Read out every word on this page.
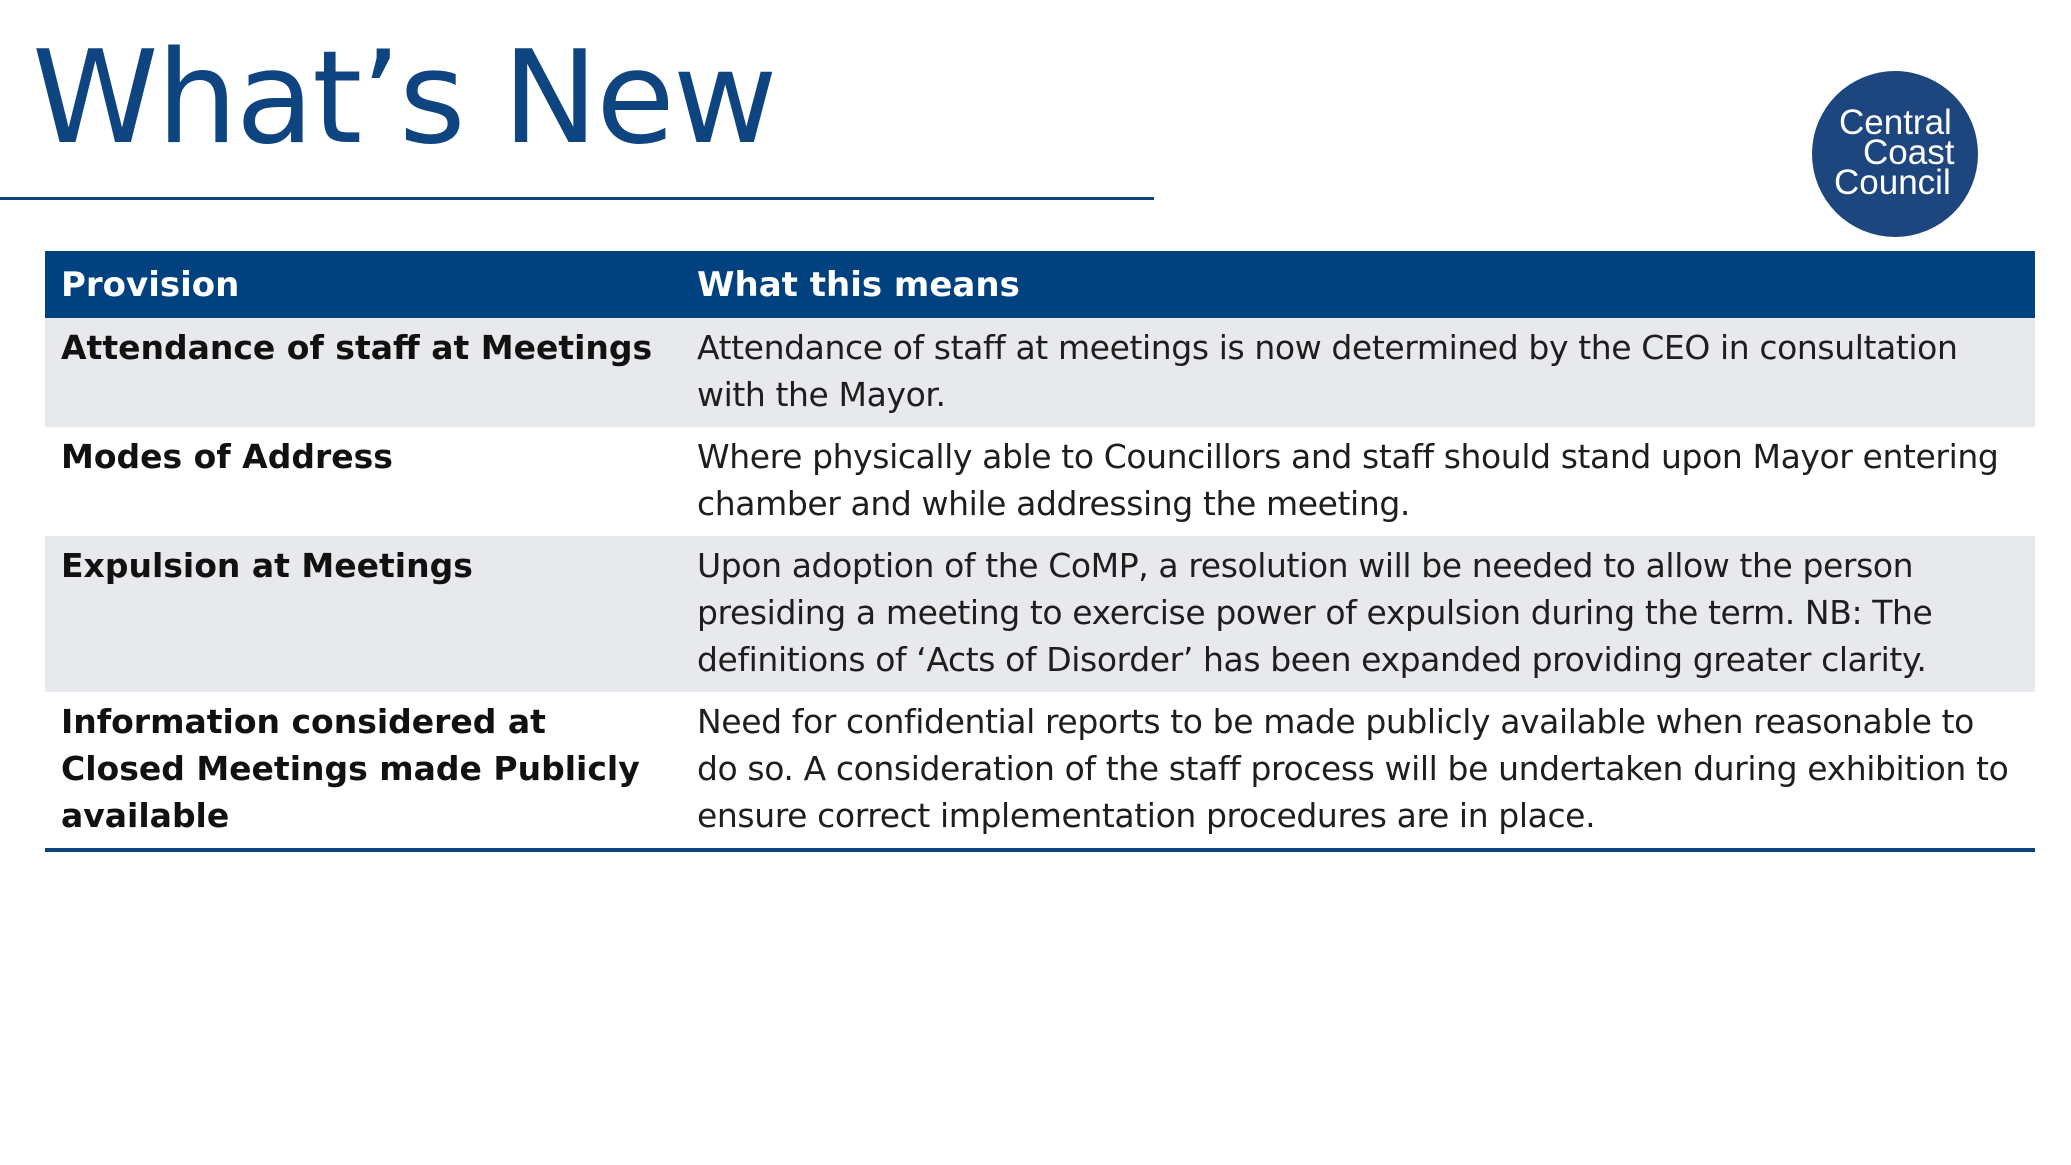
What’s New	Central
Coast
Council
Provision	What this means
Attendance of staff at Meetings	Attendance of staff at meetings is now determined by the CEO in consultation with the Mayor.
Modes of Address	Where physically able to Councillors and staff should stand upon Mayor entering chamber and while addressing the meeting.
Expulsion at Meetings	Upon adoption of the CoMP, a resolution will be needed to allow the person presiding a meeting to exercise power of expulsion during the term. NB: The definitions of ‘Acts of Disorder’ has been expanded providing greater clarity.
Information considered at Closed Meetings made Publicly available	Need for confidential reports to be made publicly available when reasonable to do so. A consideration of the staff process will be undertaken during exhibition to ensure correct implementation procedures are in place.
